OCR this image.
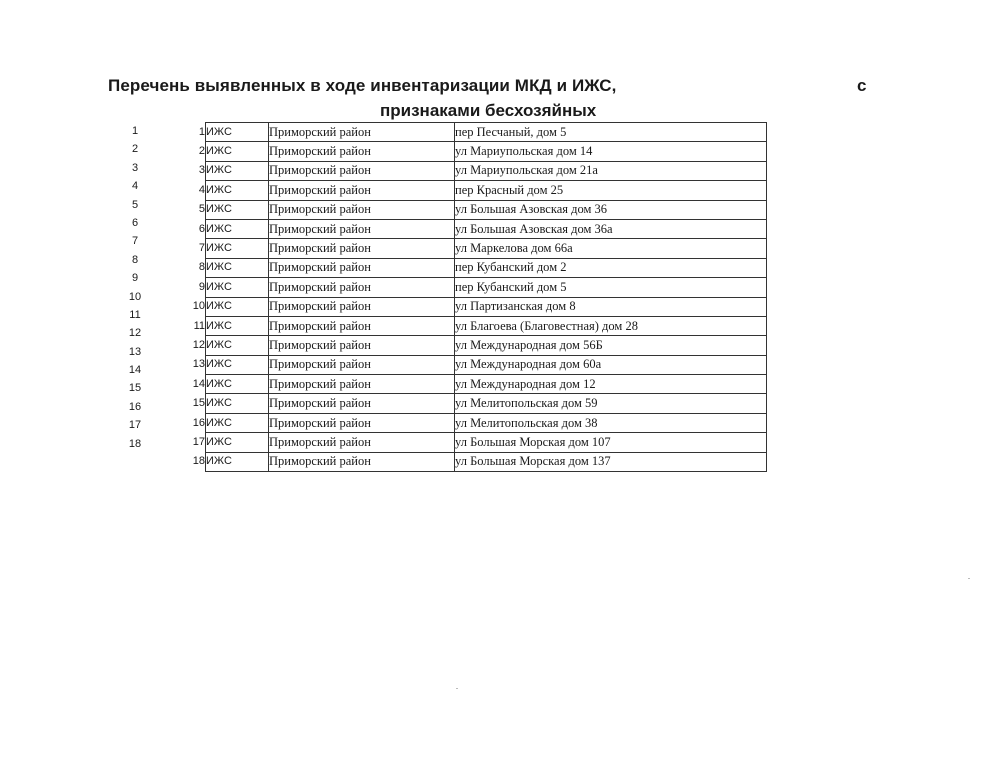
Перечень выявленных в ходе инвентаризации МКД и ИЖС,	с
признаками бесхозяйных
1
2
3
4
5
6
7
8
9
10
11
12
13
14
15
16
17
18
1	ИЖС	Приморский район	пер Песчаный, дом 5
2	ИЖС	Приморский район	ул Мариупольская дом 14
3	ИЖС	Приморский район	ул Мариупольская дом 21а
4	ИЖС	Приморский район	пер Красный дом 25
5	ИЖС	Приморский район	ул Большая Азовская дом 36
6	ИЖС	Приморский район	ул Большая Азовская дом 36а
7	ИЖС	Приморский район	ул Маркелова дом 66а
8	ИЖС	Приморский район	пер Кубанский дом 2
9	ИЖС	Приморский район	пер Кубанский дом 5
10	ИЖС	Приморский район	ул Партизанская дом 8
11	ИЖС	Приморский район	ул Благоева (Благовестная) дом 28
12	ИЖС	Приморский район	ул Международная дом 56Б
13	ИЖС	Приморский район	ул Международная дом 60а
14	ИЖС	Приморский район	ул Международная дом 12
15	ИЖС	Приморский район	ул Мелитопольская дом 59
16	ИЖС	Приморский район	ул Мелитопольская дом 38
17	ИЖС	Приморский район	ул Большая Морская дом 107
18	ИЖС	Приморский район	ул Большая Морская дом 137
